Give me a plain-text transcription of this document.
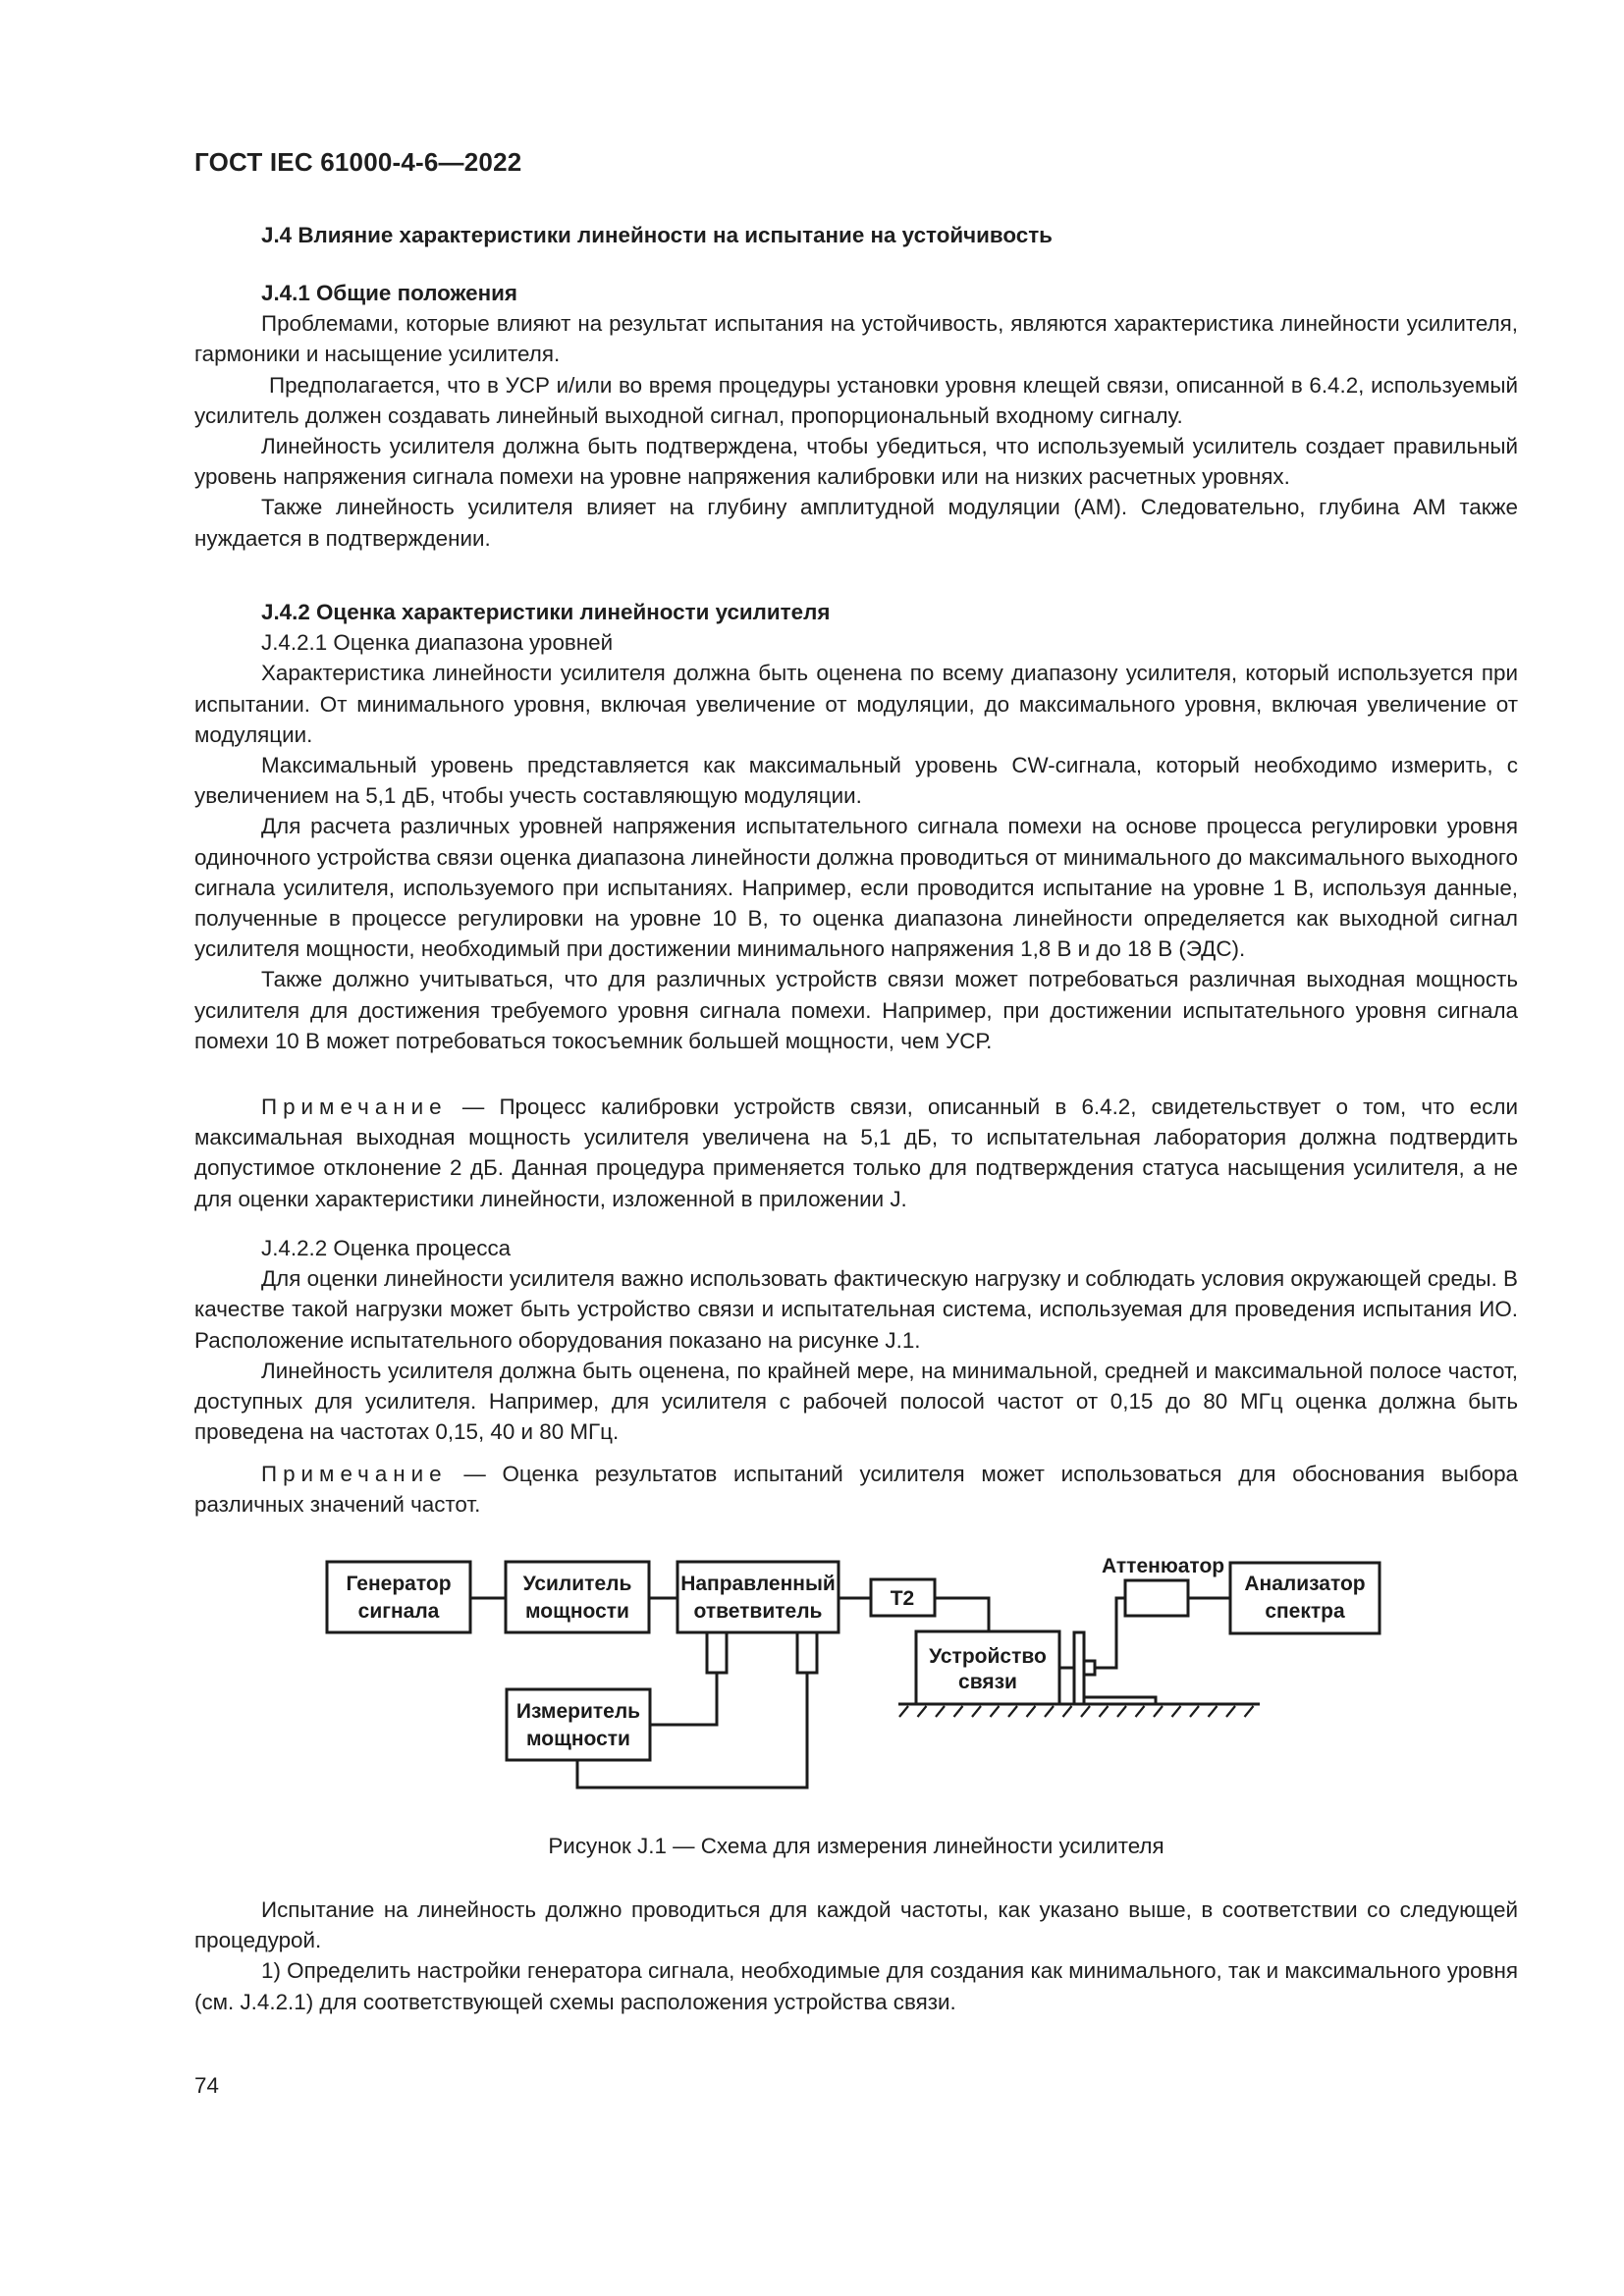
ГОСТ IEC 61000-4-6—2022
J.4 Влияние характеристики линейности на испытание на устойчивость
J.4.1 Общие положения
Проблемами, которые влияют на результат испытания на устойчивость, являются характеристика линейности усилителя, гармоники и насыщение усилителя.
Предполагается, что в УСР и/или во время процедуры установки уровня клещей связи, описанной в 6.4.2, используемый усилитель должен создавать линейный выходной сигнал, пропорциональный входному сигналу.
Линейность усилителя должна быть подтверждена, чтобы убедиться, что используемый усилитель создает правильный уровень напряжения сигнала помехи на уровне напряжения калибровки или на низких расчетных уровнях.
Также линейность усилителя влияет на глубину амплитудной модуляции (АМ). Следовательно, глубина АМ также нуждается в подтверждении.
J.4.2 Оценка характеристики линейности усилителя
J.4.2.1 Оценка диапазона уровней
Характеристика линейности усилителя должна быть оценена по всему диапазону усилителя, который используется при испытании. От минимального уровня, включая увеличение от модуляции, до максимального уровня, включая увеличение от модуляции.
Максимальный уровень представляется как максимальный уровень CW-сигнала, который необходимо измерить, с увеличением на 5,1 дБ, чтобы учесть составляющую модуляции.
Для расчета различных уровней напряжения испытательного сигнала помехи на основе процесса регулировки уровня одиночного устройства связи оценка диапазона линейности должна проводиться от минимального до максимального выходного сигнала усилителя, используемого при испытаниях. Например, если проводится испытание на уровне 1 В, используя данные, полученные в процессе регулировки на уровне 10 В, то оценка диапазона линейности определяется как выходной сигнал усилителя мощности, необходимый при достижении минимального напряжения 1,8 В и до 18 В (ЭДС).
Также должно учитываться, что для различных устройств связи может потребоваться различная выходная мощность усилителя для достижения требуемого уровня сигнала помехи. Например, при достижении испытательного уровня сигнала помехи 10 В может потребоваться токосъемник большей мощности, чем УСР.
Примечание — Процесс калибровки устройств связи, описанный в 6.4.2, свидетельствует о том, что если максимальная выходная мощность усилителя увеличена на 5,1 дБ, то испытательная лаборатория должна подтвердить допустимое отклонение 2 дБ. Данная процедура применяется только для подтверждения статуса насыщения усилителя, а не для оценки характеристики линейности, изложенной в приложении J.
J.4.2.2 Оценка процесса
Для оценки линейности усилителя важно использовать фактическую нагрузку и соблюдать условия окружающей среды. В качестве такой нагрузки может быть устройство связи и испытательная система, используемая для проведения испытания ИО. Расположение испытательного оборудования показано на рисунке J.1.
Линейность усилителя должна быть оценена, по крайней мере, на минимальной, средней и максимальной полосе частот, доступных для усилителя. Например, для усилителя с рабочей полосой частот от 0,15 до 80 МГц оценка должна быть проведена на частотах 0,15, 40 и 80 МГц.
Примечание — Оценка результатов испытаний усилителя может использоваться для обоснования выбора различных значений частот.
Генератор
сигнала
Усилитель
мощности
Направленный
ответвитель
Измеритель
мощности
T2
Устройство
связи
Аттенюатор
Анализатор
спектра
Рисунок J.1 — Схема для измерения линейности усилителя
Испытание на линейность должно проводиться для каждой частоты, как указано выше, в соответствии со следующей процедурой.
1) Определить настройки генератора сигнала, необходимые для создания как минимального, так и максимального уровня (см. J.4.2.1) для соответствующей схемы расположения устройства связи.
74
